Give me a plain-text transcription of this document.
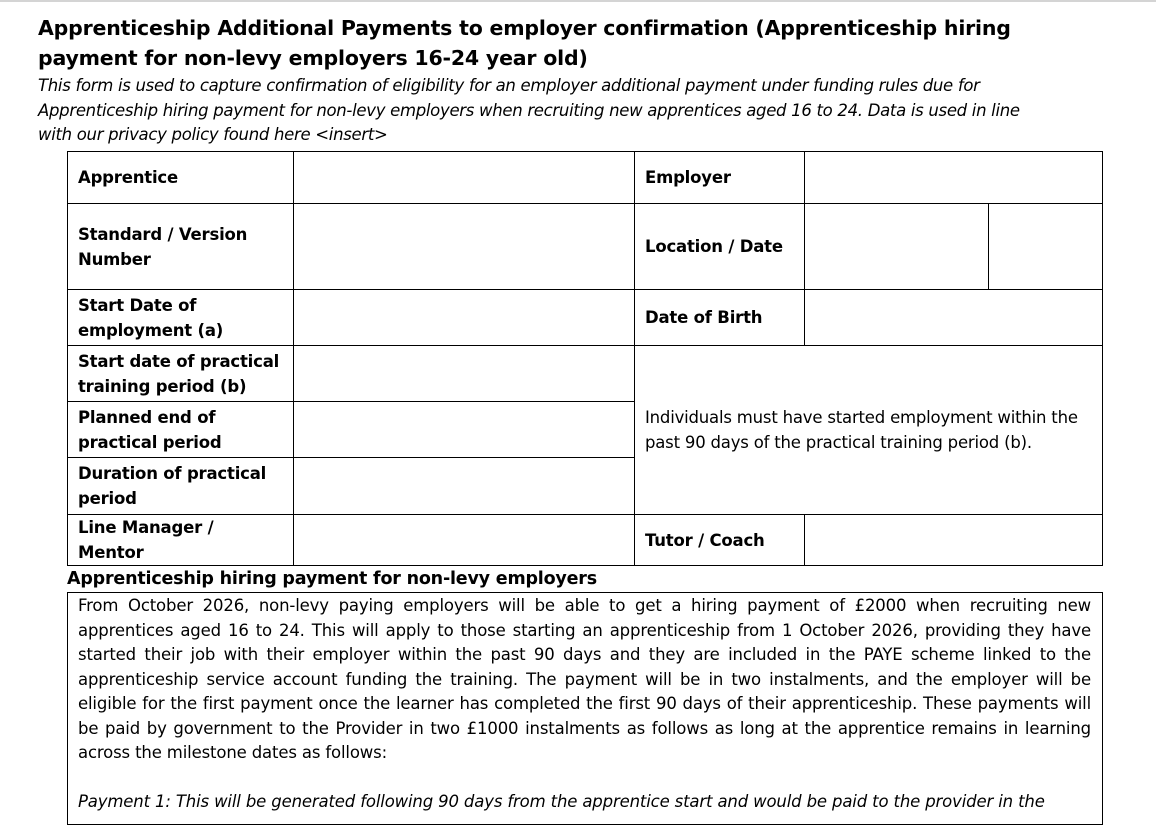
Apprenticeship Additional Payments to employer confirmation (Apprenticeship hiring payment for non-levy employers 16-24 year old)
This form is used to capture confirmation of eligibility for an employer additional payment under funding rules due for Apprenticeship hiring payment for non-levy employers when recruiting new apprentices aged 16 to 24. Data is used in line with our privacy policy found here <insert>
Apprentice		Employer		
Standard / Version Number		Location / Date		
Start Date of employment (a)		Date of Birth		
Start date of practical training period (b)		Individuals must have started employment within the past 90 days of the practical training period (b).		
Planned end of practical period				
Duration of practical period				
Line Manager / Mentor		Tutor / Coach		
Apprenticeship hiring payment for non-levy employers

From October 2026, non-levy paying employers will be able to get a hiring payment of £2000 when recruiting new apprentices aged 16 to 24. This will apply to those starting an apprenticeship from 1 October 2026, providing they have started their job with their employer within the past 90 days and they are included in the PAYE scheme linked to the apprenticeship service account funding the training. The payment will be in two instalments, and the employer will be eligible for the first payment once the learner has completed the first 90 days of their apprenticeship. These payments will be paid by government to the Provider in two £1000 instalments as follows as long at the apprentice remains in learning across the milestone dates as follows:

Payment 1: This will be generated following 90 days from the apprentice start and would be paid to the provider in the
